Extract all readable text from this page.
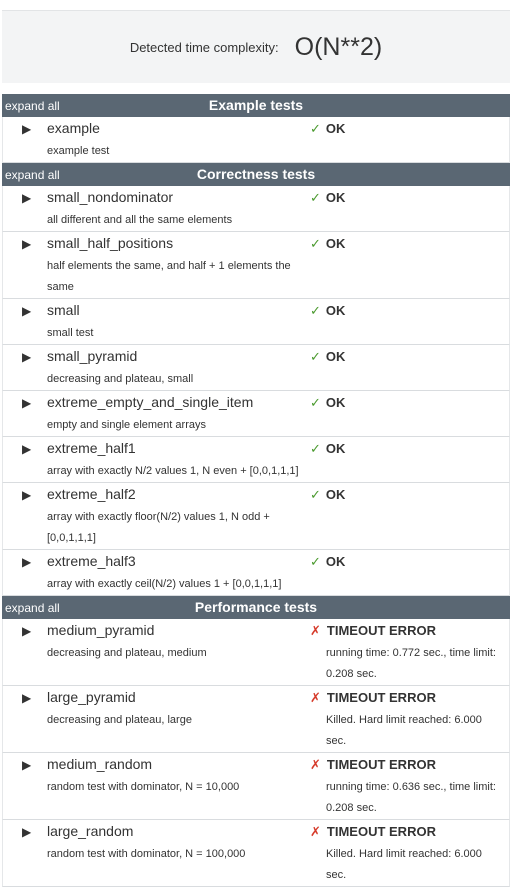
Detected time complexity: O(N**2)
expand all	Example tests
▶ example
example test
✓ OK
expand all	Correctness tests
▶ small_nondominator
all different and all the same elements
✓ OK
▶ small_half_positions
half elements the same, and half + 1 elements the same
✓ OK
▶ small
small test
✓ OK
▶ small_pyramid
decreasing and plateau, small
✓ OK
▶ extreme_empty_and_single_item
empty and single element arrays
✓ OK
▶ extreme_half1
array with exactly N/2 values 1, N even + [0,0,1,1,1]
✓ OK
▶ extreme_half2
array with exactly floor(N/2) values 1, N odd + [0,0,1,1,1]
✓ OK
▶ extreme_half3
array with exactly ceil(N/2) values 1 + [0,0,1,1,1]
✓ OK
expand all	Performance tests
▶ medium_pyramid
decreasing and plateau, medium
✗ TIMEOUT ERROR
running time: 0.772 sec., time limit: 0.208 sec.
▶ large_pyramid
decreasing and plateau, large
✗ TIMEOUT ERROR
Killed. Hard limit reached: 6.000 sec.
▶ medium_random
random test with dominator, N = 10,000
✗ TIMEOUT ERROR
running time: 0.636 sec., time limit: 0.208 sec.
▶ large_random
random test with dominator, N = 100,000
✗ TIMEOUT ERROR
Killed. Hard limit reached: 6.000 sec.
